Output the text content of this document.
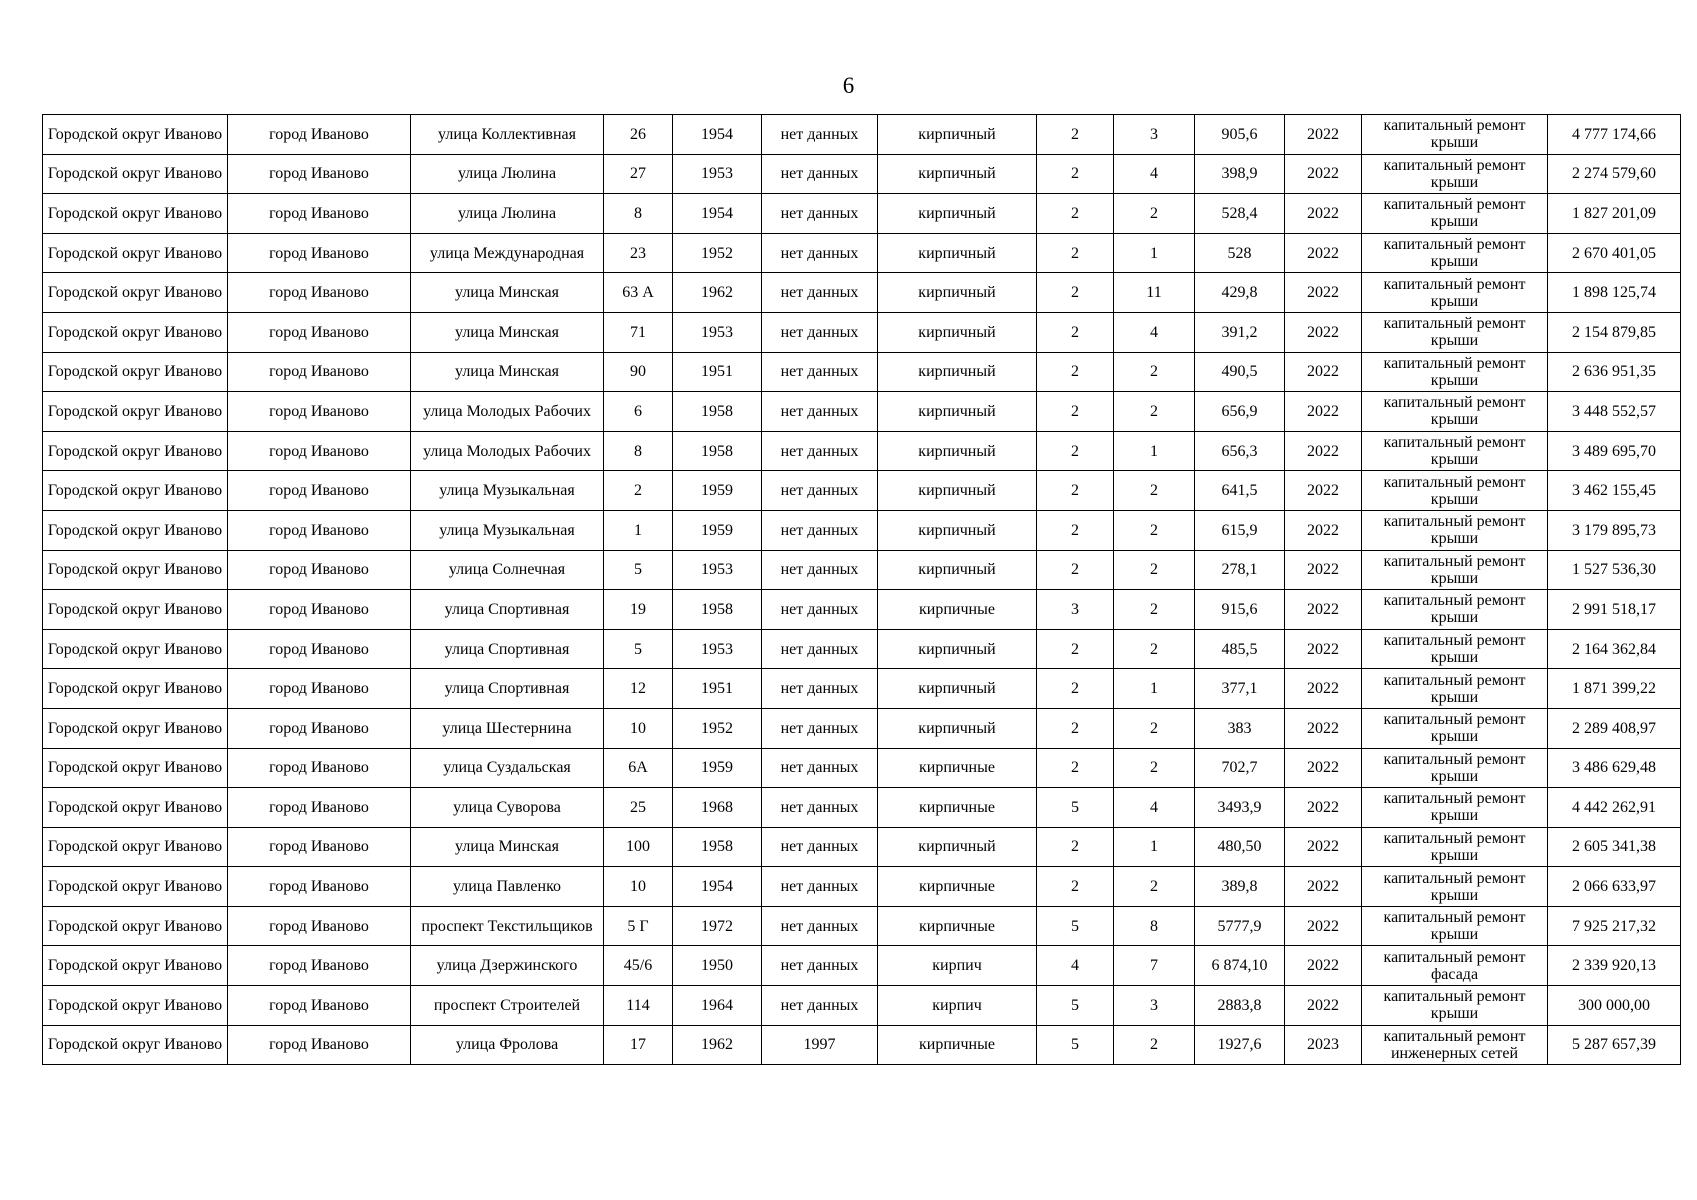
6
Городской округ Иваново	город Иваново	улица Коллективная	26	1954	нет данных	кирпичный	2	3	905,6	2022	капитальный ремонт крыши	4 777 174,66
Городской округ Иваново	город Иваново	улица Люлина	27	1953	нет данных	кирпичный	2	4	398,9	2022	капитальный ремонт крыши	2 274 579,60
Городской округ Иваново	город Иваново	улица Люлина	8	1954	нет данных	кирпичный	2	2	528,4	2022	капитальный ремонт крыши	1 827 201,09
Городской округ Иваново	город Иваново	улица Международная	23	1952	нет данных	кирпичный	2	1	528	2022	капитальный ремонт крыши	2 670 401,05
Городской округ Иваново	город Иваново	улица Минская	63 А	1962	нет данных	кирпичный	2	11	429,8	2022	капитальный ремонт крыши	1 898 125,74
Городской округ Иваново	город Иваново	улица Минская	71	1953	нет данных	кирпичный	2	4	391,2	2022	капитальный ремонт крыши	2 154 879,85
Городской округ Иваново	город Иваново	улица Минская	90	1951	нет данных	кирпичный	2	2	490,5	2022	капитальный ремонт крыши	2 636 951,35
Городской округ Иваново	город Иваново	улица Молодых Рабочих	6	1958	нет данных	кирпичный	2	2	656,9	2022	капитальный ремонт крыши	3 448 552,57
Городской округ Иваново	город Иваново	улица Молодых Рабочих	8	1958	нет данных	кирпичный	2	1	656,3	2022	капитальный ремонт крыши	3 489 695,70
Городской округ Иваново	город Иваново	улица Музыкальная	2	1959	нет данных	кирпичный	2	2	641,5	2022	капитальный ремонт крыши	3 462 155,45
Городской округ Иваново	город Иваново	улица Музыкальная	1	1959	нет данных	кирпичный	2	2	615,9	2022	капитальный ремонт крыши	3 179 895,73
Городской округ Иваново	город Иваново	улица Солнечная	5	1953	нет данных	кирпичный	2	2	278,1	2022	капитальный ремонт крыши	1 527 536,30
Городской округ Иваново	город Иваново	улица Спортивная	19	1958	нет данных	кирпичные	3	2	915,6	2022	капитальный ремонт крыши	2 991 518,17
Городской округ Иваново	город Иваново	улица Спортивная	5	1953	нет данных	кирпичный	2	2	485,5	2022	капитальный ремонт крыши	2 164 362,84
Городской округ Иваново	город Иваново	улица Спортивная	12	1951	нет данных	кирпичный	2	1	377,1	2022	капитальный ремонт крыши	1 871 399,22
Городской округ Иваново	город Иваново	улица Шестернина	10	1952	нет данных	кирпичный	2	2	383	2022	капитальный ремонт крыши	2 289 408,97
Городской округ Иваново	город Иваново	улица Суздальская	6А	1959	нет данных	кирпичные	2	2	702,7	2022	капитальный ремонт крыши	3 486 629,48
Городской округ Иваново	город Иваново	улица Суворова	25	1968	нет данных	кирпичные	5	4	3493,9	2022	капитальный ремонт крыши	4 442 262,91
Городской округ Иваново	город Иваново	улица Минская	100	1958	нет данных	кирпичный	2	1	480,50	2022	капитальный ремонт крыши	2 605 341,38
Городской округ Иваново	город Иваново	улица Павленко	10	1954	нет данных	кирпичные	2	2	389,8	2022	капитальный ремонт крыши	2 066 633,97
Городской округ Иваново	город Иваново	проспект Текстильщиков	5 Г	1972	нет данных	кирпичные	5	8	5777,9	2022	капитальный ремонт крыши	7 925 217,32
Городской округ Иваново	город Иваново	улица Дзержинского	45/6	1950	нет данных	кирпич	4	7	6 874,10	2022	капитальный ремонт фасада	2 339 920,13
Городской округ Иваново	город Иваново	проспект Строителей	114	1964	нет данных	кирпич	5	3	2883,8	2022	капитальный ремонт крыши	300 000,00
Городской округ Иваново	город Иваново	улица Фролова	17	1962	1997	кирпичные	5	2	1927,6	2023	капитальный ремонт инженерных сетей	5 287 657,39
